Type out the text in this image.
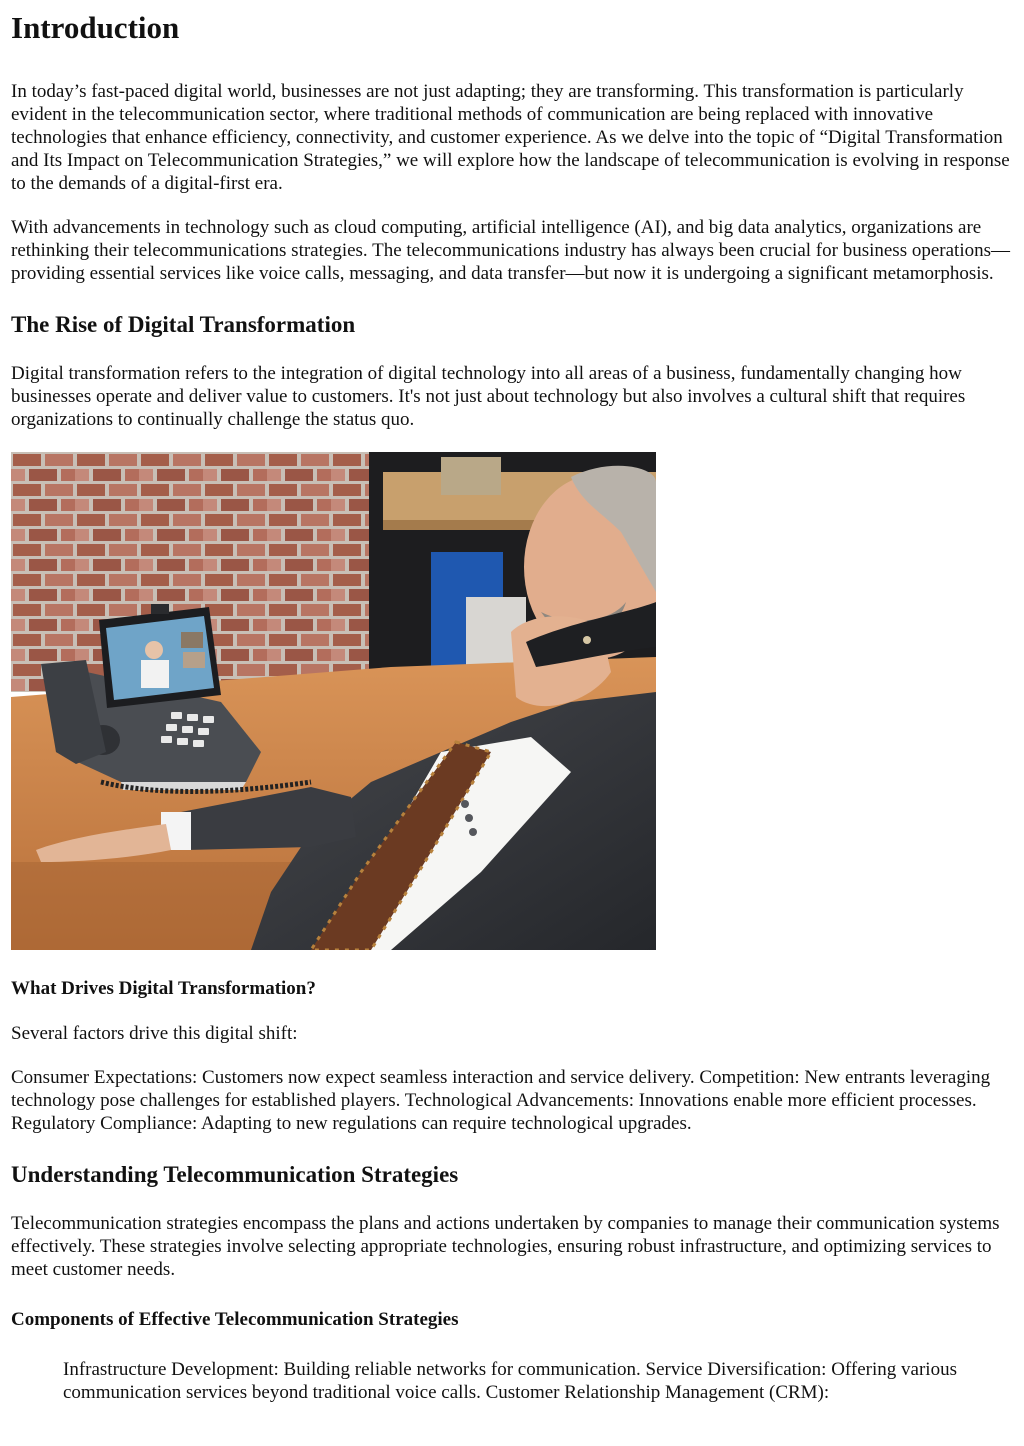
Introduction

In today’s fast-paced digital world, businesses are not just adapting; they are transforming. This transformation is particularly evident in the telecommunication sector, where traditional methods of communication are being replaced with innovative technologies that enhance efficiency, connectivity, and customer experience. As we delve into the topic of “Digital Transformation and Its Impact on Telecommunication Strategies,” we will explore how the landscape of telecommunication is evolving in response to the demands of a digital-first era.

With advancements in technology such as cloud computing, artificial intelligence (AI), and big data analytics, organizations are rethinking their telecommunications strategies. The telecommunications industry has always been crucial for business operations—providing essential services like voice calls, messaging, and data transfer—but now it is undergoing a significant metamorphosis.

The Rise of Digital Transformation

Digital transformation refers to the integration of digital technology into all areas of a business, fundamentally changing how businesses operate and deliver value to customers. It's not just about technology but also involves a cultural shift that requires organizations to continually challenge the status quo.

What Drives Digital Transformation?

Several factors drive this digital shift:

Consumer Expectations: Customers now expect seamless interaction and service delivery. Competition: New entrants leveraging technology pose challenges for established players. Technological Advancements: Innovations enable more efficient processes. Regulatory Compliance: Adapting to new regulations can require technological upgrades.

Understanding Telecommunication Strategies

Telecommunication strategies encompass the plans and actions undertaken by companies to manage their communication systems effectively. These strategies involve selecting appropriate technologies, ensuring robust infrastructure, and optimizing services to meet customer needs.

Components of Effective Telecommunication Strategies

Infrastructure Development: Building reliable networks for communication. Service Diversification: Offering various communication services beyond traditional voice calls. Customer Relationship Management (CRM):
